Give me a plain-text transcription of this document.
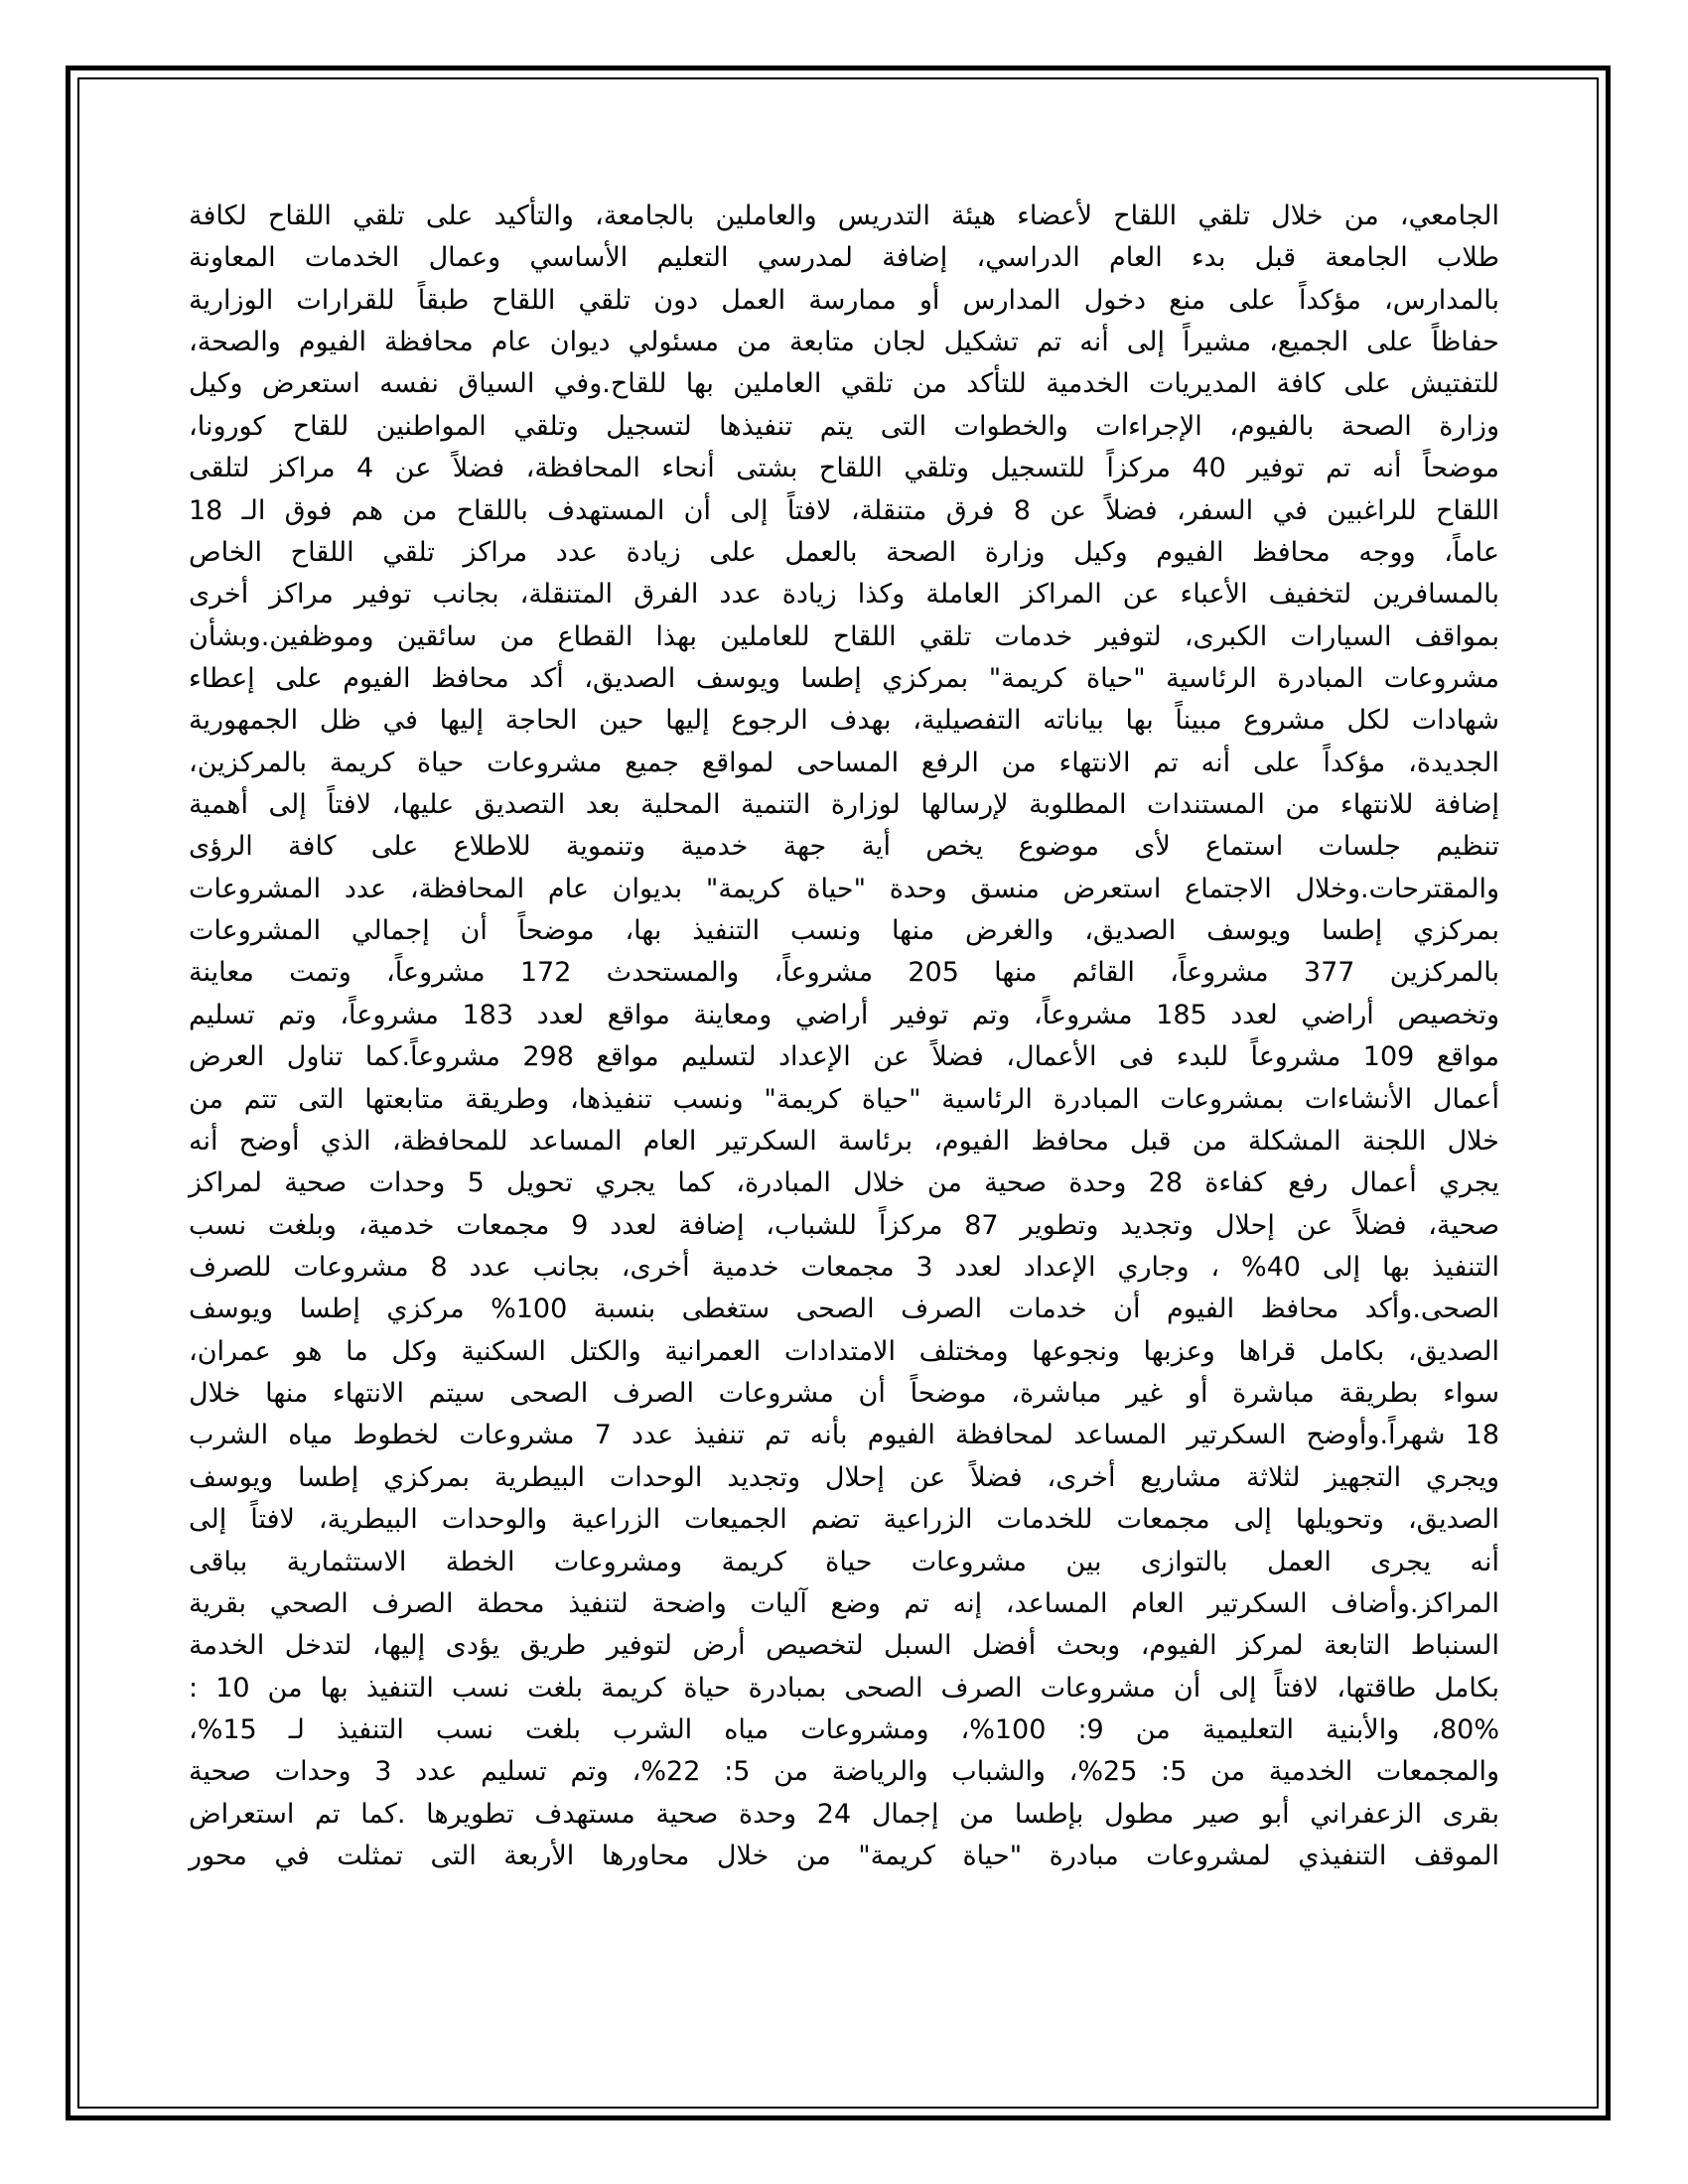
الجامعي، من خلال تلقي اللقاح لأعضاء هيئة التدريس والعاملين بالجامعة، والتأكيد على تلقي اللقاح لكافة
طلاب الجامعة قبل بدء العام الدراسي، إضافة لمدرسي التعليم الأساسي وعمال الخدمات المعاونة
بالمدارس، مؤكداً على منع دخول المدارس أو ممارسة العمل دون تلقي اللقاح طبقاً للقرارات الوزارية
حفاظاً على الجميع، مشيراً إلى أنه تم تشكيل لجان متابعة من مسئولي ديوان عام محافظة الفيوم والصحة،
للتفتيش على كافة المديريات الخدمية للتأكد من تلقي العاملين بها للقاح.وفي السياق نفسه استعرض وكيل
وزارة الصحة بالفيوم، الإجراءات والخطوات التى يتم تنفيذها لتسجيل وتلقي المواطنين للقاح كورونا،
موضحاً أنه تم توفير 40 مركزاً للتسجيل وتلقي اللقاح بشتى أنحاء المحافظة، فضلاً عن 4 مراكز لتلقى
اللقاح للراغبين في السفر، فضلاً عن 8 فرق متنقلة، لافتاً إلى أن المستهدف باللقاح من هم فوق الـ 18
عاماً، ووجه محافظ الفيوم وكيل وزارة الصحة بالعمل على زيادة عدد مراكز تلقي اللقاح الخاص
بالمسافرين لتخفيف الأعباء عن المراكز العاملة وكذا زيادة عدد الفرق المتنقلة، بجانب توفير مراكز أخرى
بمواقف السيارات الكبرى، لتوفير خدمات تلقي اللقاح للعاملين بهذا القطاع من سائقين وموظفين.وبشأن
مشروعات المبادرة الرئاسية "حياة كريمة" بمركزي إطسا ويوسف الصديق، أكد محافظ الفيوم على إعطاء
شهادات لكل مشروع مبيناً بها بياناته التفصيلية، بهدف الرجوع إليها حين الحاجة إليها في ظل الجمهورية
الجديدة، مؤكداً على أنه تم الانتهاء من الرفع المساحى لمواقع جميع مشروعات حياة كريمة بالمركزين،
إضافة للانتهاء من المستندات المطلوبة لإرسالها لوزارة التنمية المحلية بعد التصديق عليها، لافتاً إلى أهمية
تنظيم جلسات استماع لأى موضوع يخص أية جهة خدمية وتنموية للاطلاع على كافة الرؤى
والمقترحات.وخلال الاجتماع استعرض منسق وحدة "حياة كريمة" بديوان عام المحافظة، عدد المشروعات
بمركزي إطسا ويوسف الصديق، والغرض منها ونسب التنفيذ بها، موضحاً أن إجمالي المشروعات
بالمركزين 377 مشروعاً، القائم منها 205 مشروعاً، والمستحدث 172 مشروعاً، وتمت معاينة
وتخصيص أراضي لعدد 185 مشروعاً، وتم توفير أراضي ومعاينة مواقع لعدد 183 مشروعاً، وتم تسليم
مواقع 109 مشروعاً للبدء فى الأعمال، فضلاً عن الإعداد لتسليم مواقع 298 مشروعاً.كما تناول العرض
أعمال الأنشاءات بمشروعات المبادرة الرئاسية "حياة كريمة" ونسب تنفيذها، وطريقة متابعتها التى تتم من
خلال اللجنة المشكلة من قبل محافظ الفيوم، برئاسة السكرتير العام المساعد للمحافظة، الذي أوضح أنه
يجري أعمال رفع كفاءة 28 وحدة صحية من خلال المبادرة، كما يجري تحويل 5 وحدات صحية لمراكز
صحية، فضلاً عن إحلال وتجديد وتطوير 87 مركزاً للشباب، إضافة لعدد 9 مجمعات خدمية، وبلغت نسب
التنفيذ بها إلى 40% ، وجاري الإعداد لعدد 3 مجمعات خدمية أخرى، بجانب عدد 8 مشروعات للصرف
الصحى.وأكد محافظ الفيوم أن خدمات الصرف الصحى ستغطى بنسبة 100% مركزي إطسا ويوسف
الصديق، بكامل قراها وعزبها ونجوعها ومختلف الامتدادات العمرانية والكتل السكنية وكل ما هو عمران،
سواء بطريقة مباشرة أو غير مباشرة، موضحاً أن مشروعات الصرف الصحى سيتم الانتهاء منها خلال
18 شهراً.وأوضح السكرتير المساعد لمحافظة الفيوم بأنه تم تنفيذ عدد 7 مشروعات لخطوط مياه الشرب
ويجري التجهيز لثلاثة مشاريع أخرى، فضلاً عن إحلال وتجديد الوحدات البيطرية بمركزي إطسا ويوسف
الصديق، وتحويلها إلى مجمعات للخدمات الزراعية تضم الجميعات الزراعية والوحدات البيطرية، لافتاً إلى
أنه يجرى العمل بالتوازى بين مشروعات حياة كريمة ومشروعات الخطة الاستثمارية بباقى
المراكز.وأضاف السكرتير العام المساعد، إنه تم وضع آليات واضحة لتنفيذ محطة الصرف الصحي بقرية
السنباط التابعة لمركز الفيوم، وبحث أفضل السبل لتخصيص أرض لتوفير طريق يؤدى إليها، لتدخل الخدمة
بكامل طاقتها، لافتاً إلى أن مشروعات الصرف الصحى بمبادرة حياة كريمة بلغت نسب التنفيذ بها من 10 :
80%، والأبنية التعليمية من 9: 100%، ومشروعات مياه الشرب بلغت نسب التنفيذ لـ 15%،
والمجمعات الخدمية من 5: 25%، والشباب والرياضة من 5: 22%، وتم تسليم عدد 3 وحدات صحية
بقرى الزعفراني أبو صير مطول بإطسا من إجمال 24 وحدة صحية مستهدف تطويرها .كما تم استعراض
الموقف التنفيذي لمشروعات مبادرة "حياة كريمة" من خلال محاورها الأربعة التى تمثلت في محور
